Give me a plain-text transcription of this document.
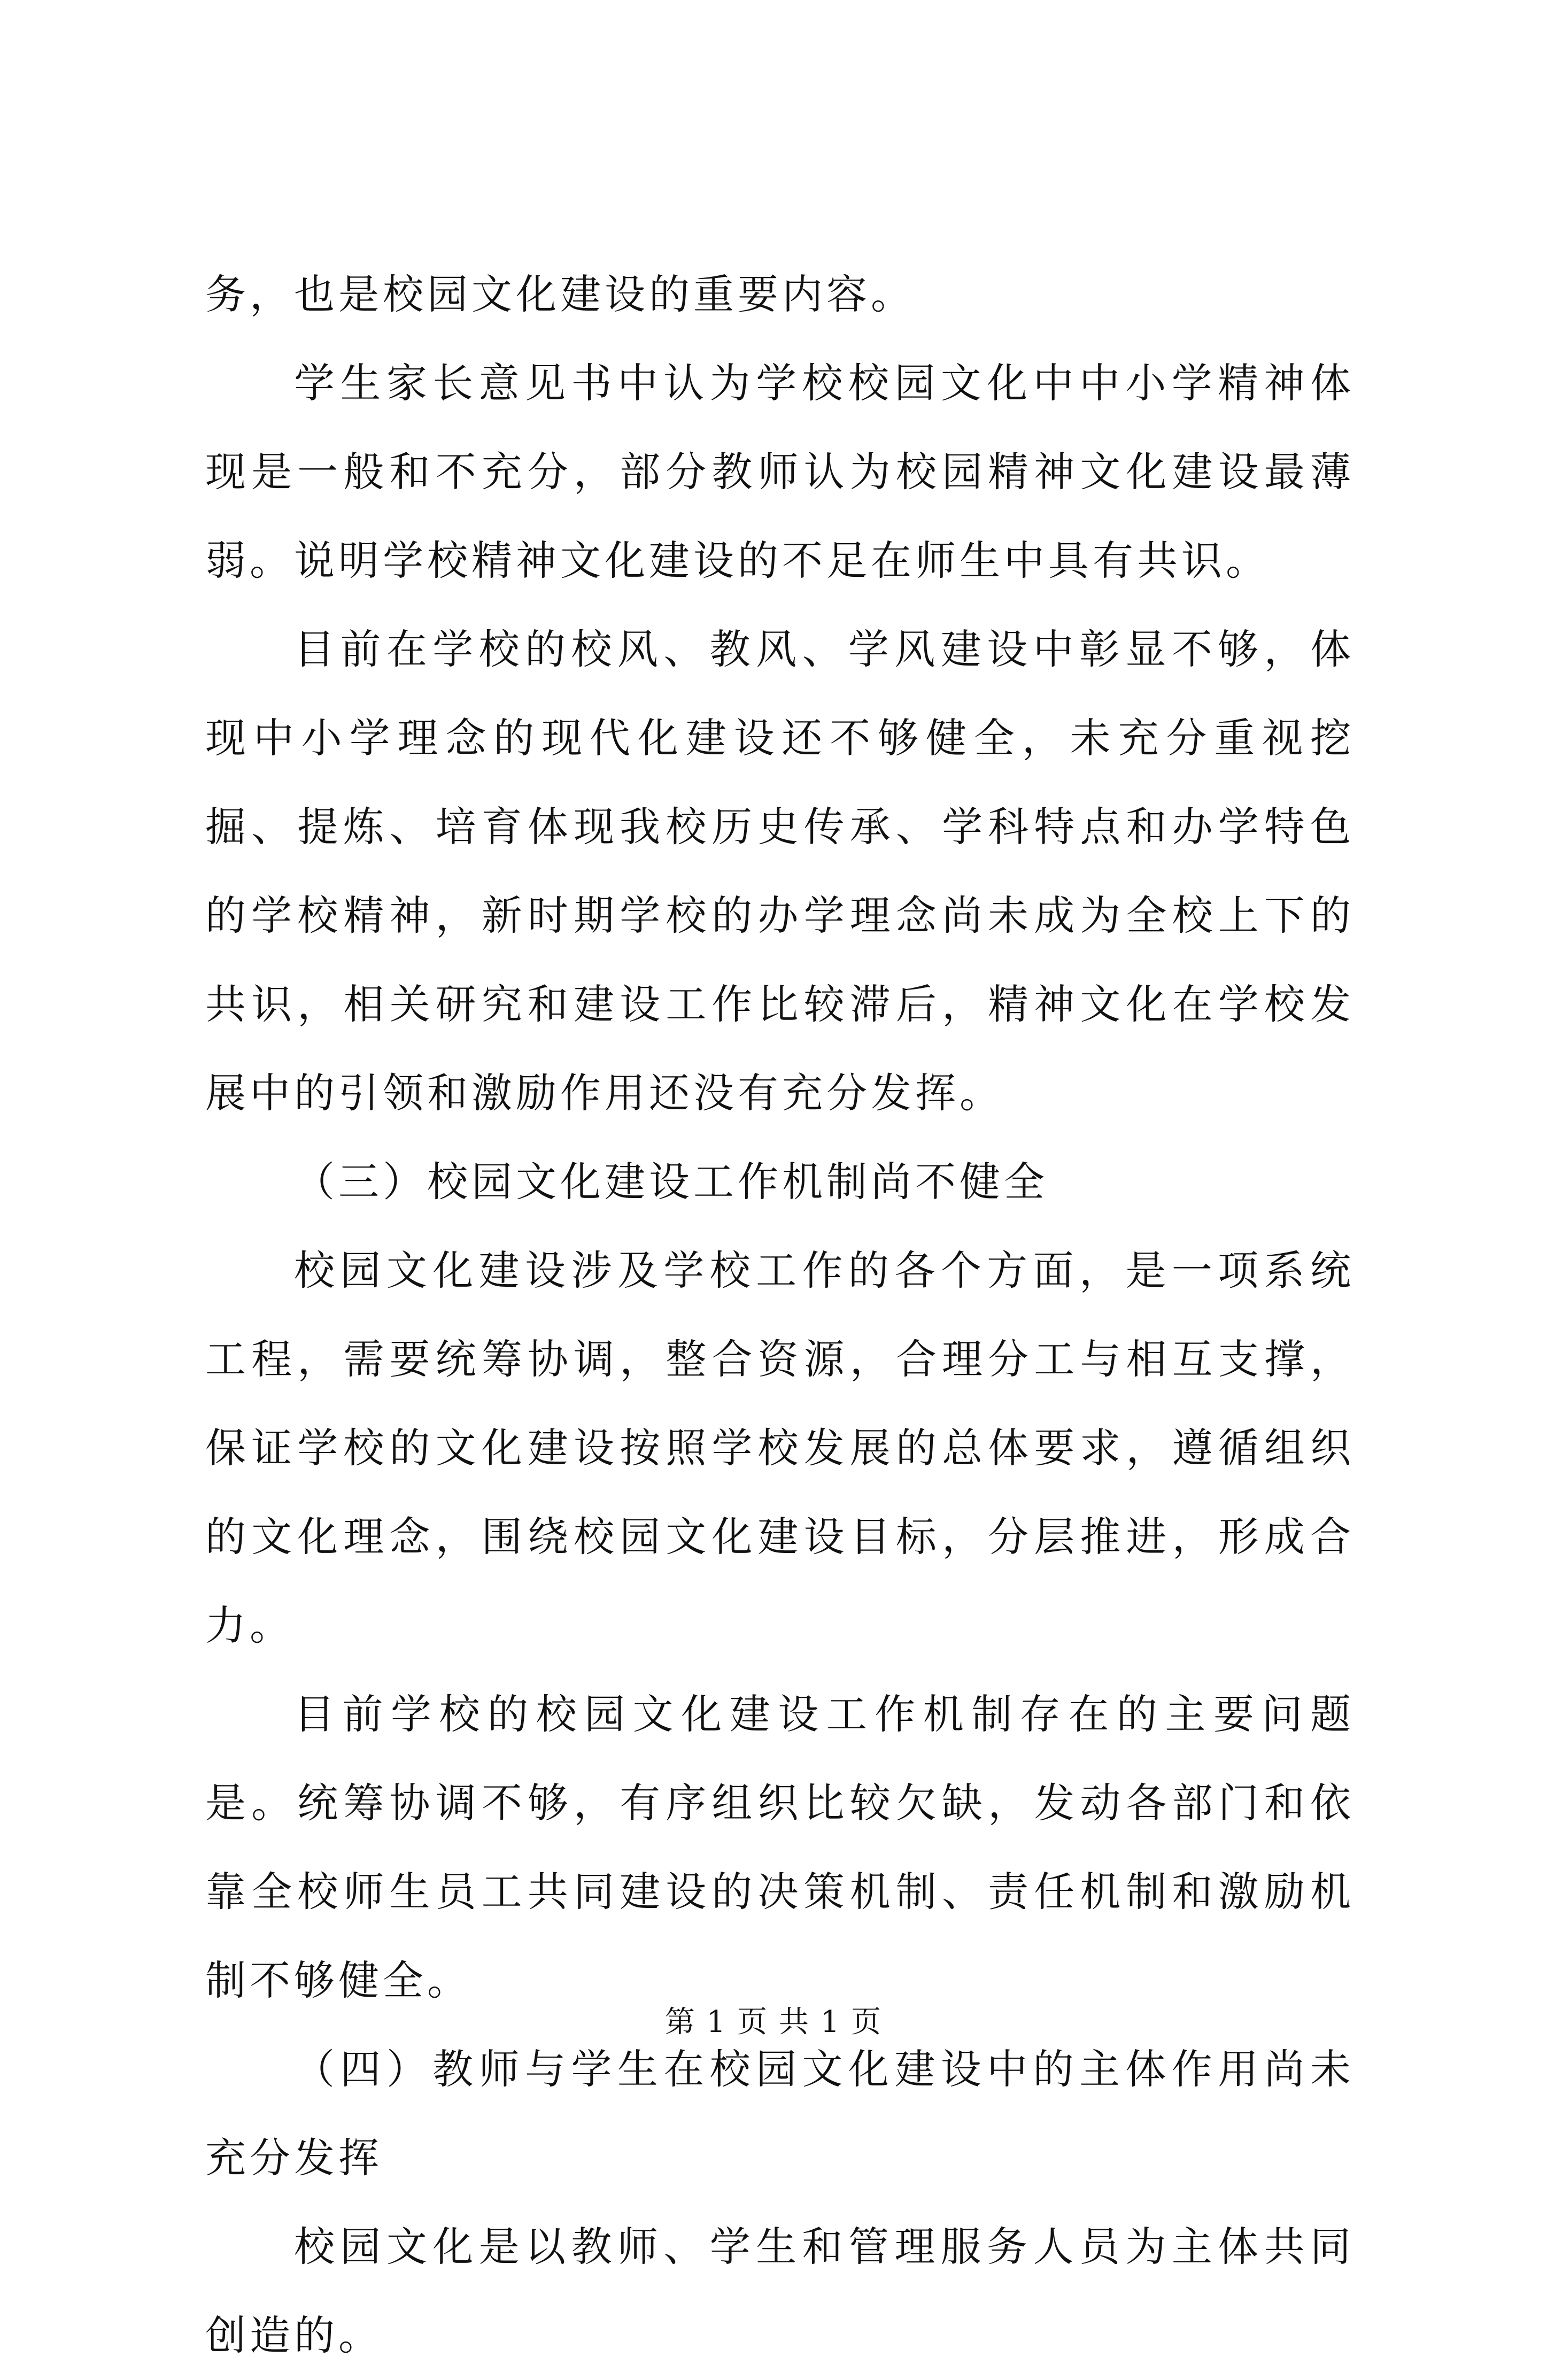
务，也是校园文化建设的重要内容。

学生家长意见书中认为学校校园文化中中小学精神体现是一般和不充分，部分教师认为校园精神文化建设最薄弱。说明学校精神文化建设的不足在师生中具有共识。

目前在学校的校风、教风、学风建设中彰显不够，体现中小学理念的现代化建设还不够健全，未充分重视挖掘、提炼、培育体现我校历史传承、学科特点和办学特色的学校精神，新时期学校的办学理念尚未成为全校上下的共识，相关研究和建设工作比较滞后，精神文化在学校发展中的引领和激励作用还没有充分发挥。

（三）校园文化建设工作机制尚不健全

校园文化建设涉及学校工作的各个方面，是一项系统工程，需要统筹协调，整合资源，合理分工与相互支撑，保证学校的文化建设按照学校发展的总体要求，遵循组织的文化理念，围绕校园文化建设目标，分层推进，形成合力。

目前学校的校园文化建设工作机制存在的主要问题是。统筹协调不够，有序组织比较欠缺，发动各部门和依靠全校师生员工共同建设的决策机制、责任机制和激励机制不够健全。

（四）教师与学生在校园文化建设中的主体作用尚未充分发挥

校园文化是以教师、学生和管理服务人员为主体共同创造的。

第 1 页 共 1 页
